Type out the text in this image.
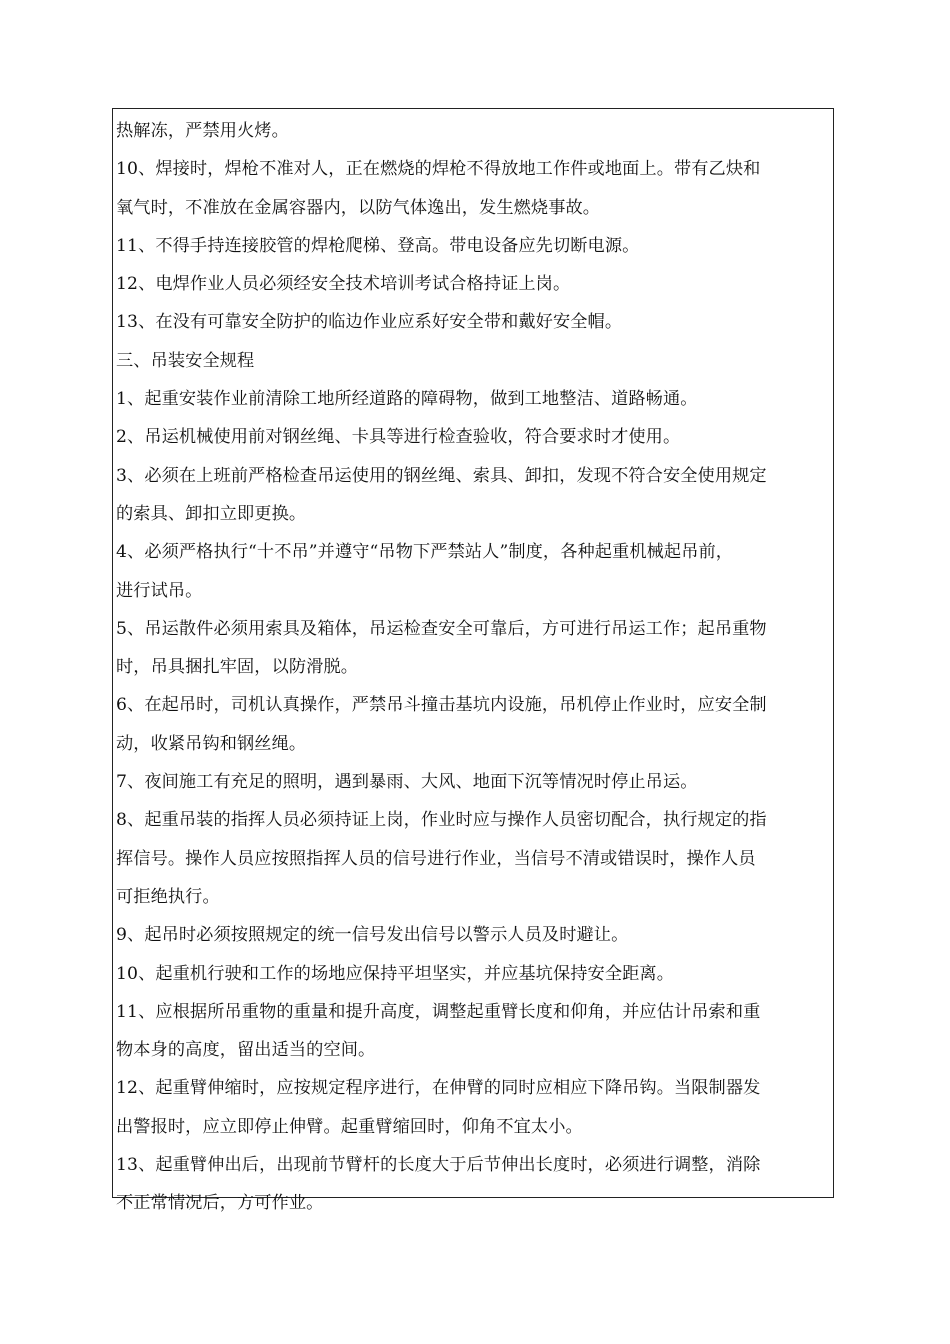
热解冻，严禁用火烤。
10、焊接时，焊枪不准对人，正在燃烧的焊枪不得放地工作件或地面上。带有乙炔和
氧气时，不准放在金属容器内，以防气体逸出，发生燃烧事故。
11、不得手持连接胶管的焊枪爬梯、登高。带电设备应先切断电源。
12、电焊作业人员必须经安全技术培训考试合格持证上岗。
13、在没有可靠安全防护的临边作业应系好安全带和戴好安全帽。
三、吊装安全规程
1、起重安装作业前清除工地所经道路的障碍物，做到工地整洁、道路畅通。
2、吊运机械使用前对钢丝绳、卡具等进行检查验收，符合要求时才使用。
3、必须在上班前严格检查吊运使用的钢丝绳、索具、卸扣，发现不符合安全使用规定
的索具、卸扣立即更换。
4、必须严格执行“十不吊”并遵守“吊物下严禁站人”制度，各种起重机械起吊前，
进行试吊。
5、吊运散件必须用索具及箱体，吊运检查安全可靠后，方可进行吊运工作；起吊重物
时，吊具捆扎牢固，以防滑脱。
6、在起吊时，司机认真操作，严禁吊斗撞击基坑内设施，吊机停止作业时，应安全制
动，收紧吊钩和钢丝绳。
7、夜间施工有充足的照明，遇到暴雨、大风、地面下沉等情况时停止吊运。
8、起重吊装的指挥人员必须持证上岗，作业时应与操作人员密切配合，执行规定的指
挥信号。操作人员应按照指挥人员的信号进行作业，当信号不清或错误时，操作人员
可拒绝执行。
9、起吊时必须按照规定的统一信号发出信号以警示人员及时避让。
10、起重机行驶和工作的场地应保持平坦坚实，并应基坑保持安全距离。
11、应根据所吊重物的重量和提升高度，调整起重臂长度和仰角，并应估计吊索和重
物本身的高度，留出适当的空间。
12、起重臂伸缩时，应按规定程序进行，在伸臂的同时应相应下降吊钩。当限制器发
出警报时，应立即停止伸臂。起重臂缩回时，仰角不宜太小。
13、起重臂伸出后，出现前节臂杆的长度大于后节伸出长度时，必须进行调整，消除
不正常情况后，方可作业。
